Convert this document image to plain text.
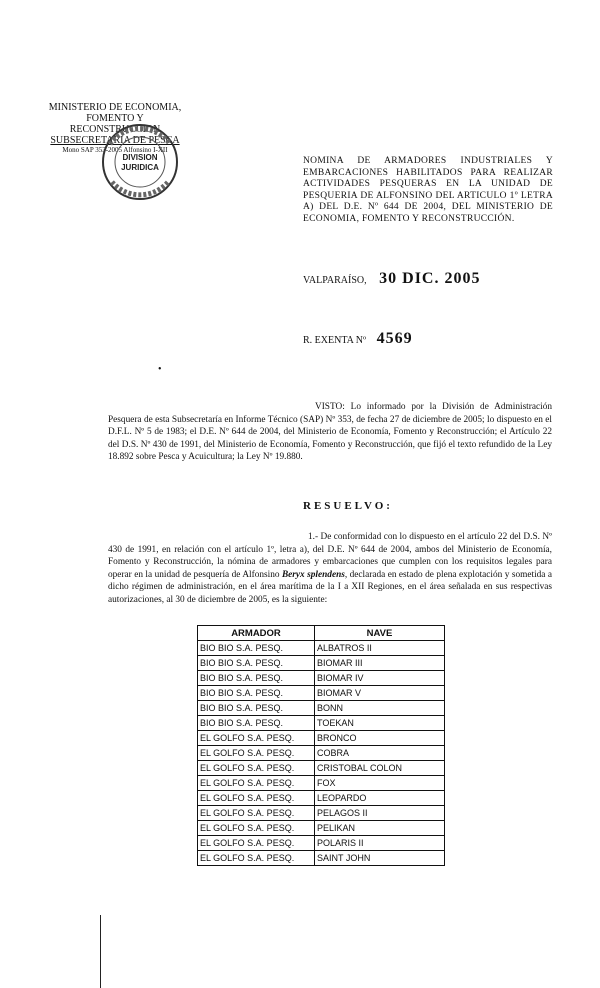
MINISTERIO DE ECONOMIA,
FOMENTO Y RECONSTRUCCION
SUBSECRETARIA DE PESCA
Mono SAP 353-2005 Alfonsino I-XII
DIVISION
JURIDICA
NOMINA DE ARMADORES INDUSTRIALES Y EMBARCACIONES HABILITADOS PARA REALIZAR ACTIVIDADES PESQUERAS EN LA UNIDAD DE PESQUERIA DE ALFONSINO DEL ARTICULO 1º LETRA A) DEL D.E. Nº 644 DE 2004, DEL MINISTERIO DE ECONOMIA, FOMENTO Y RECONSTRUCCIÓN.
VALPARAÍSO, 30 DIC. 2005
R. EXENTA Nº 4569
•
VISTO: Lo informado por la División de Administración Pesquera de esta Subsecretaría en Informe Técnico (SAP) Nº 353, de fecha 27 de diciembre de 2005; lo dispuesto en el D.F.L. Nº 5 de 1983; el D.E. Nº 644 de 2004, del Ministerio de Economía, Fomento y Reconstrucción; el Artículo 22 del D.S. Nº 430 de 1991, del Ministerio de Economía, Fomento y Reconstrucción, que fijó el texto refundido de la Ley 18.892 sobre Pesca y Acuicultura; la Ley Nº 19.880.
RESUELVO:
1.- De conformidad con lo dispuesto en el artículo 22 del D.S. Nº 430 de 1991, en relación con el artículo 1º, letra a), del D.E. Nº 644 de 2004, ambos del Ministerio de Economía, Fomento y Reconstrucción, la nómina de armadores y embarcaciones que cumplen con los requisitos legales para operar en la unidad de pesquería de Alfonsino Beryx splendens, declarada en estado de plena explotación y sometida a dicho régimen de administración, en el área marítima de la I a XII Regiones, en el área señalada en sus respectivas autorizaciones, al 30 de diciembre de 2005, es la siguiente:
ARMADOR	NAVE
BIO BIO S.A. PESQ.	ALBATROS II
BIO BIO S.A. PESQ.	BIOMAR III
BIO BIO S.A. PESQ.	BIOMAR IV
BIO BIO S.A. PESQ.	BIOMAR V
BIO BIO S.A. PESQ.	BONN
BIO BIO S.A. PESQ.	TOEKAN
EL GOLFO S.A. PESQ.	BRONCO
EL GOLFO S.A. PESQ.	COBRA
EL GOLFO S.A. PESQ.	CRISTOBAL COLON
EL GOLFO S.A. PESQ.	FOX
EL GOLFO S.A. PESQ.	LEOPARDO
EL GOLFO S.A. PESQ.	PELAGOS II
EL GOLFO S.A. PESQ.	PELIKAN
EL GOLFO S.A. PESQ.	POLARIS II
EL GOLFO S.A. PESQ.	SAINT JOHN
